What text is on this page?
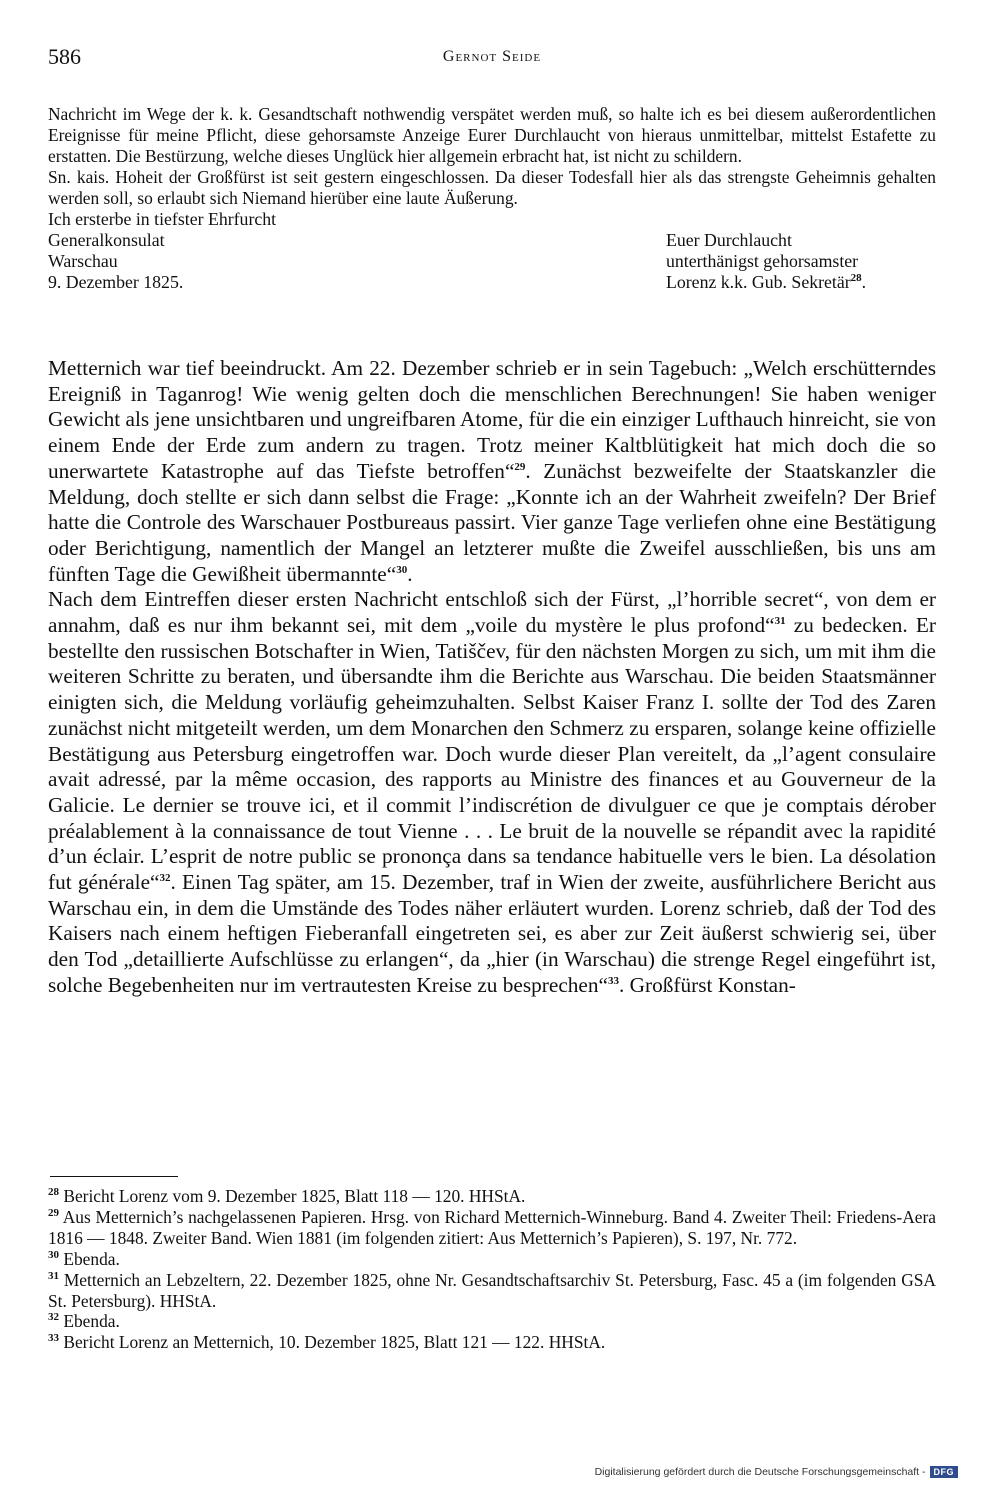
586	Gernot Seide

Nachricht im Wege der k. k. Gesandtschaft nothwendig verspätet werden muß, so halte ich es bei diesem außerordentlichen Ereignisse für meine Pflicht, diese gehorsamste Anzeige Eurer Durchlaucht von hieraus unmittelbar, mittelst Estafette zu erstatten. Die Bestürzung, welche dieses Unglück hier allgemein erbracht hat, ist nicht zu schildern.

Sn. kais. Hoheit der Großfürst ist seit gestern eingeschlossen. Da dieser Todesfall hier als das strengste Geheimnis gehalten werden soll, so erlaubt sich Niemand hierüber eine laute Äußerung.

Ich ersterbe in tiefster Ehrfurcht
Generalkonsulat
Warschau
9. Dezember 1825.
Euer Durchlaucht
unterthänigst gehorsamster
Lorenz k.k. Gub. Sekretär$^{28}$.

Metternich war tief beeindruckt. Am 22. Dezember schrieb er in sein Tagebuch: „Welch erschütterndes Ereigniß in Taganrog! Wie wenig gelten doch die menschlichen Berechnungen! Sie haben weniger Gewicht als jene unsichtbaren und ungreifbaren Atome, für die ein einziger Lufthauch hinreicht, sie von einem Ende der Erde zum andern zu tragen. Trotz meiner Kaltblütigkeit hat mich doch die so unerwartete Katastrophe auf das Tiefste betroffen“$^{29}$. Zunächst bezweifelte der Staatskanzler die Meldung, doch stellte er sich dann selbst die Frage: „Konnte ich an der Wahrheit zweifeln? Der Brief hatte die Controle des Warschauer Postbureaus passirt. Vier ganze Tage verliefen ohne eine Bestätigung oder Berichtigung, namentlich der Mangel an letzterer mußte die Zweifel ausschließen, bis uns am fünften Tage die Gewißheit übermannte“$^{30}$.

Nach dem Eintreffen dieser ersten Nachricht entschloß sich der Fürst, „l’horrible secret“, von dem er annahm, daß es nur ihm bekannt sei, mit dem „voile du mystère le plus profond“$^{31}$ zu bedecken. Er bestellte den russischen Botschafter in Wien, Tatiščev, für den nächsten Morgen zu sich, um mit ihm die weiteren Schritte zu beraten, und übersandte ihm die Berichte aus Warschau. Die beiden Staatsmänner einigten sich, die Meldung vorläufig geheimzuhalten. Selbst Kaiser Franz I. sollte der Tod des Zaren zunächst nicht mitgeteilt werden, um dem Monarchen den Schmerz zu ersparen, solange keine offizielle Bestätigung aus Petersburg eingetroffen war. Doch wurde dieser Plan vereitelt, da „l’agent consulaire avait adressé, par la même occasion, des rapports au Ministre des finances et au Gouverneur de la Galicie. Le dernier se trouve ici, et il commit l’indiscrétion de divulguer ce que je comptais dérober préalablement à la connaissance de tout Vienne . . . Le bruit de la nouvelle se répandit avec la rapidité d’un éclair. L’esprit de notre public se prononça dans sa tendance habituelle vers le bien. La désolation fut générale“$^{32}$. Einen Tag später, am 15. Dezember, traf in Wien der zweite, ausführlichere Bericht aus Warschau ein, in dem die Umstände des Todes näher erläutert wurden. Lorenz schrieb, daß der Tod des Kaisers nach einem heftigen Fieberanfall eingetreten sei, es aber zur Zeit äußerst schwierig sei, über den Tod „detaillierte Aufschlüsse zu erlangen“, da „hier (in Warschau) die strenge Regel eingeführt ist, solche Begebenheiten nur im vertrautesten Kreise zu besprechen“$^{33}$. Großfürst Konstan-

$^{28}$ Bericht Lorenz vom 9. Dezember 1825, Blatt 118 — 120. HHStA.

$^{29}$ Aus Metternich’s nachgelassenen Papieren. Hrsg. von Richard Metternich-Winneburg. Band 4. Zweiter Theil: Friedens-Aera 1816 — 1848. Zweiter Band. Wien 1881 (im folgenden zitiert: Aus Metternich’s Papieren), S. 197, Nr. 772.

$^{30}$ Ebenda.

$^{31}$ Metternich an Lebzeltern, 22. Dezember 1825, ohne Nr. Gesandtschaftsarchiv St. Petersburg, Fasc. 45 a (im folgenden GSA St. Petersburg). HHStA.

$^{32}$ Ebenda.

$^{33}$ Bericht Lorenz an Metternich, 10. Dezember 1825, Blatt 121 — 122. HHStA.

Digitalisierung gefördert durch die Deutsche Forschungsgemeinschaft - DFG
